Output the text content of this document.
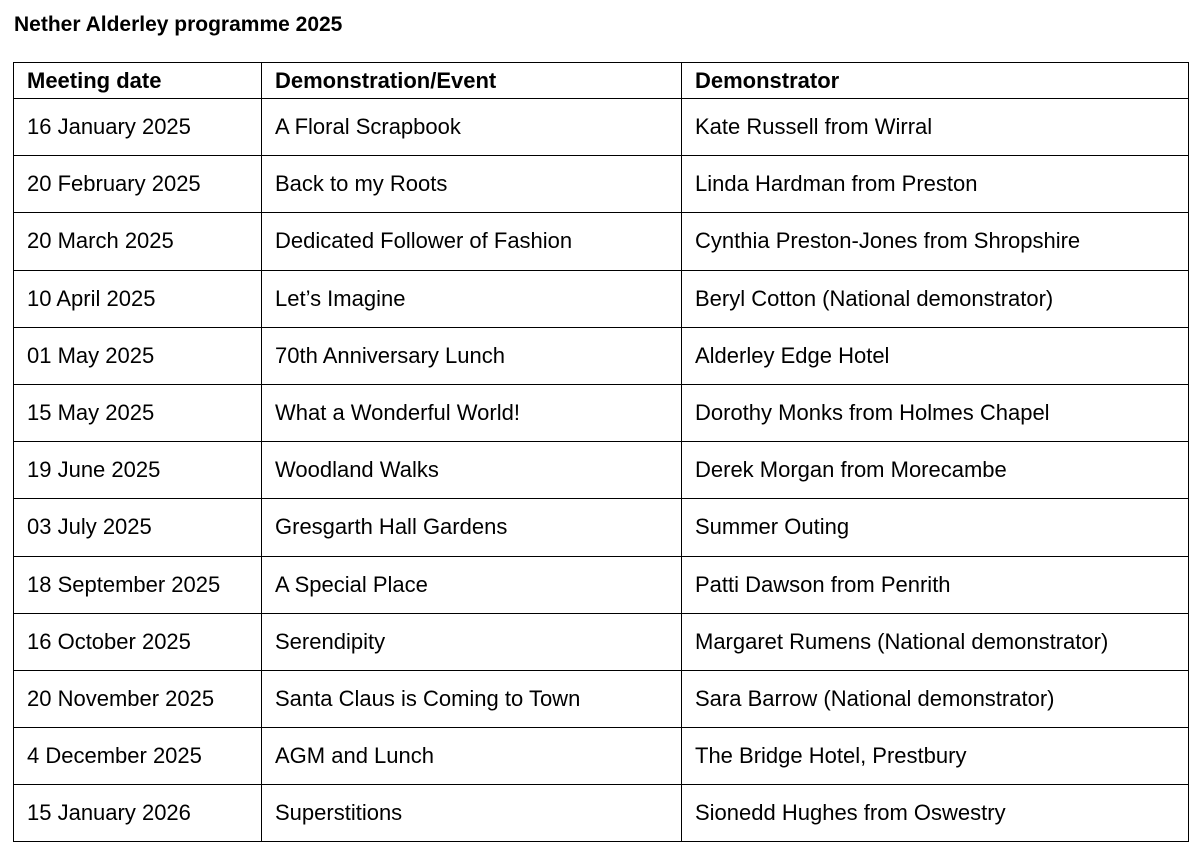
Nether Alderley programme 2025
Meeting date	Demonstration/Event	Demonstrator
16 January 2025	A Floral Scrapbook	Kate Russell from Wirral
20 February 2025	Back to my Roots	Linda Hardman from Preston
20 March 2025	Dedicated Follower of Fashion	Cynthia Preston-Jones from Shropshire
10 April 2025	Let’s Imagine	Beryl Cotton (National demonstrator)
01 May 2025	70th Anniversary Lunch	Alderley Edge Hotel
15 May 2025	What a Wonderful World!	Dorothy Monks from Holmes Chapel
19 June 2025	Woodland Walks	Derek Morgan from Morecambe
03 July 2025	Gresgarth Hall Gardens	Summer Outing
18 September 2025	A Special Place	Patti Dawson from Penrith
16 October 2025	Serendipity	Margaret Rumens (National demonstrator)
20 November 2025	Santa Claus is Coming to Town	Sara Barrow (National demonstrator)
4 December 2025	AGM and Lunch	The Bridge Hotel, Prestbury
15 January 2026	Superstitions	Sionedd Hughes from Oswestry
